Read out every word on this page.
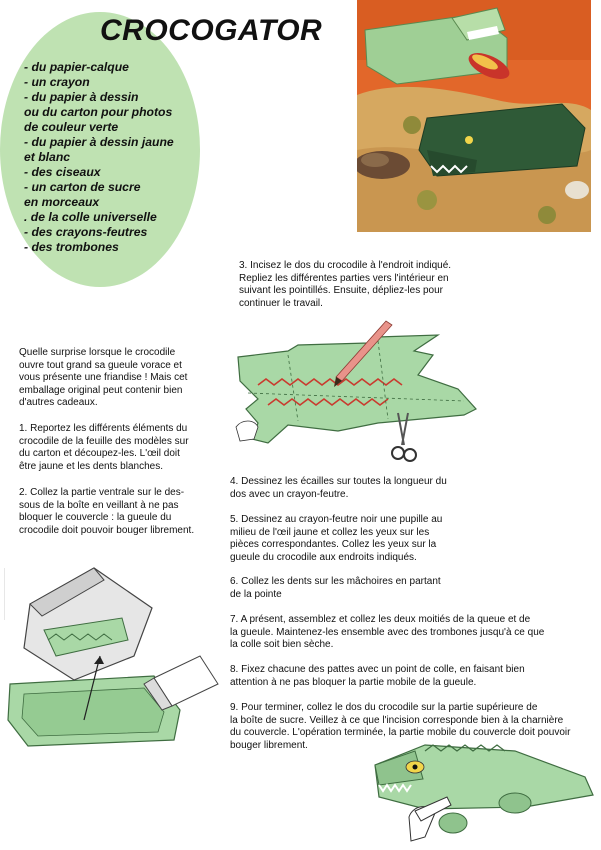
CROCOGATOR
- du papier-calque
- un crayon
- du papier à dessin
ou du carton pour photos
de couleur verte
- du papier à dessin jaune
et blanc
- des ciseaux
- un carton de sucre
en morceaux
. de la colle universelle
- des crayons-feutres
- des trombones

Quelle surprise lorsque le crocodile

ouvre tout grand sa gueule vorace et

vous présente une friandise ! Mais cet

emballage original peut contenir bien

d'autres cadeaux.

1. Reportez les différents éléments du

crocodile de la feuille des modèles sur

du carton et découpez-les. L'œil doit

être jaune et les dents blanches.

2. Collez la partie ventrale sur le des-

sous de la boîte en veillant à ne pas

bloquer le couvercle : la gueule du

crocodile doit pouvoir bouger librement.

3. Incisez le dos du crocodile à l'endroit indiqué.

Repliez les différentes parties vers l'intérieur en

suivant les pointillés. Ensuite, dépliez-les pour

continuer le travail.

4. Dessinez les écailles sur toutes la longueur du

dos avec un crayon-feutre.

5. Dessinez au crayon-feutre noir une pupille au

milieu de l'œil jaune et collez les yeux sur les

pièces correspondantes. Collez les yeux sur la

gueule du crocodile aux endroits indiqués.

6. Collez les dents sur les mâchoires en partant

de la pointe

7. A présent, assemblez et collez les deux moitiés de la queue et de

la gueule. Maintenez-les ensemble avec des trombones jusqu'à ce que

la colle soit bien sèche.

8. Fixez chacune des pattes avec un point de colle, en faisant bien

attention à ne pas bloquer la partie mobile de la gueule.

9. Pour terminer, collez le dos du crocodile sur la partie supérieure de

la boîte de sucre. Veillez à ce que l'incision corresponde bien à la charnière

du couvercle. L'opération terminée, la partie mobile du couvercle doit pouvoir

bouger librement.
